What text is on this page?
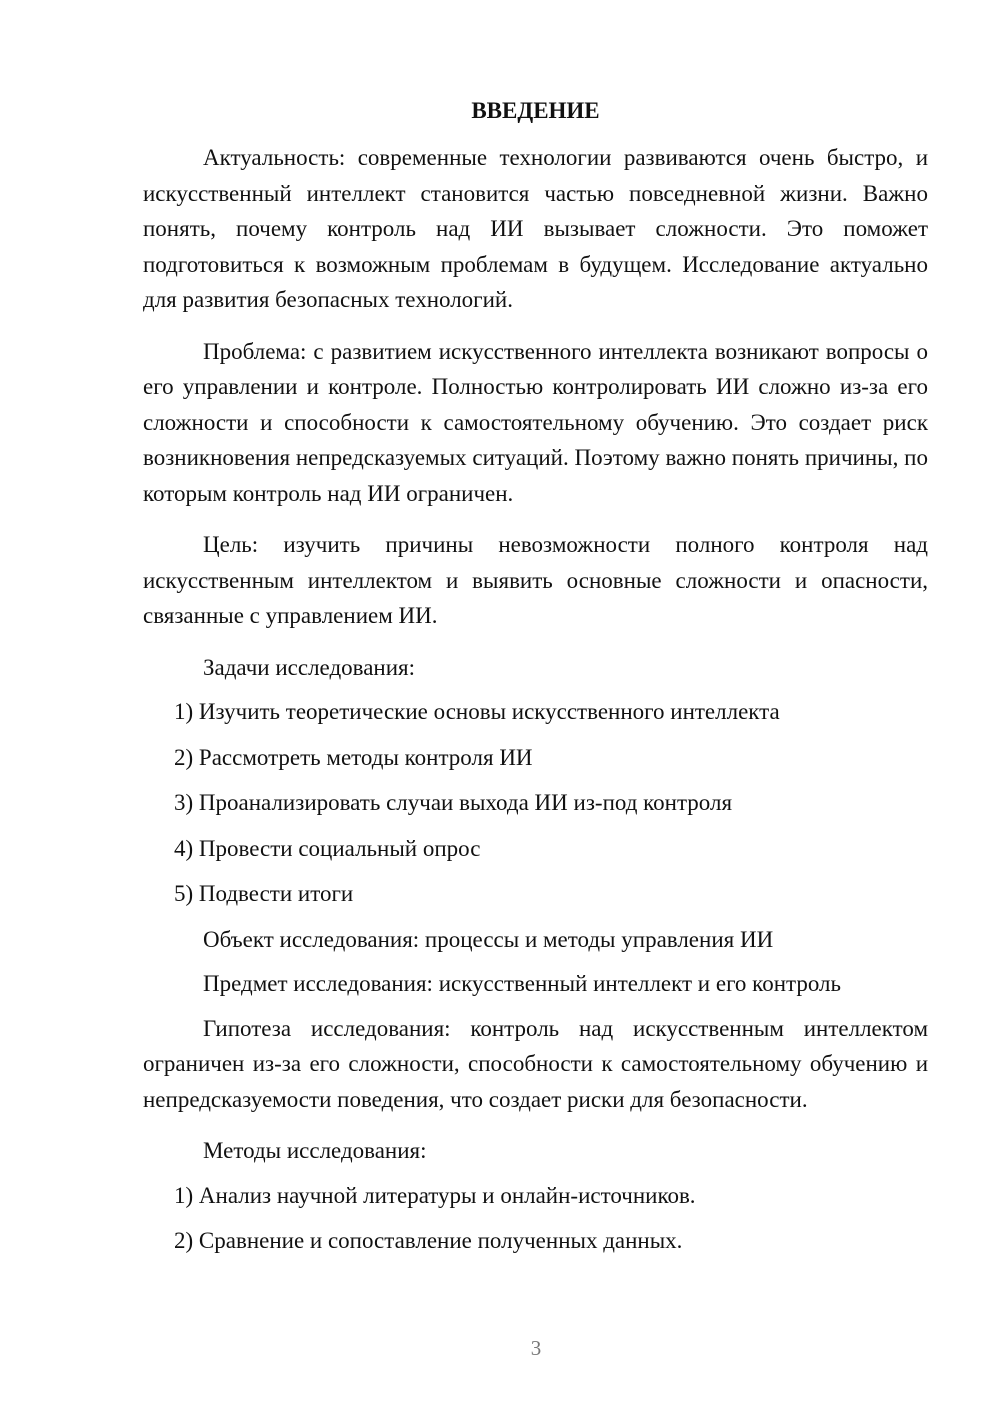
ВВЕДЕНИЕ

Актуальность: современные технологии развиваются очень быстро, и искусственный интеллект становится частью повседневной жизни. Важно понять, почему контроль над ИИ вызывает сложности. Это поможет подготовиться к возможным проблемам в будущем. Исследование актуально для развития безопасных технологий.

Проблема: с развитием искусственного интеллекта возникают вопросы о его управлении и контроле. Полностью контролировать ИИ сложно из-за его сложности и способности к самостоятельному обучению. Это создает риск возникновения непредсказуемых ситуаций. Поэтому важно понять причины, по которым контроль над ИИ ограничен.

Цель: изучить причины невозможности полного контроля над искусственным интеллектом и выявить основные сложности и опасности, связанные с управлением ИИ.

Задачи исследования:

1) Изучить теоретические основы искусственного интеллекта

2) Рассмотреть методы контроля ИИ

3) Проанализировать случаи выхода ИИ из-под контроля

4) Провести социальный опрос

5) Подвести итоги

Объект исследования: процессы и методы управления ИИ

Предмет исследования: искусственный интеллект и его контроль

Гипотеза исследования: контроль над искусственным интеллектом ограничен из-за его сложности, способности к самостоятельному обучению и непредсказуемости поведения, что создает риски для безопасности.

Методы исследования:

1) Анализ научной литературы и онлайн-источников.

2) Сравнение и сопоставление полученных данных.

3
